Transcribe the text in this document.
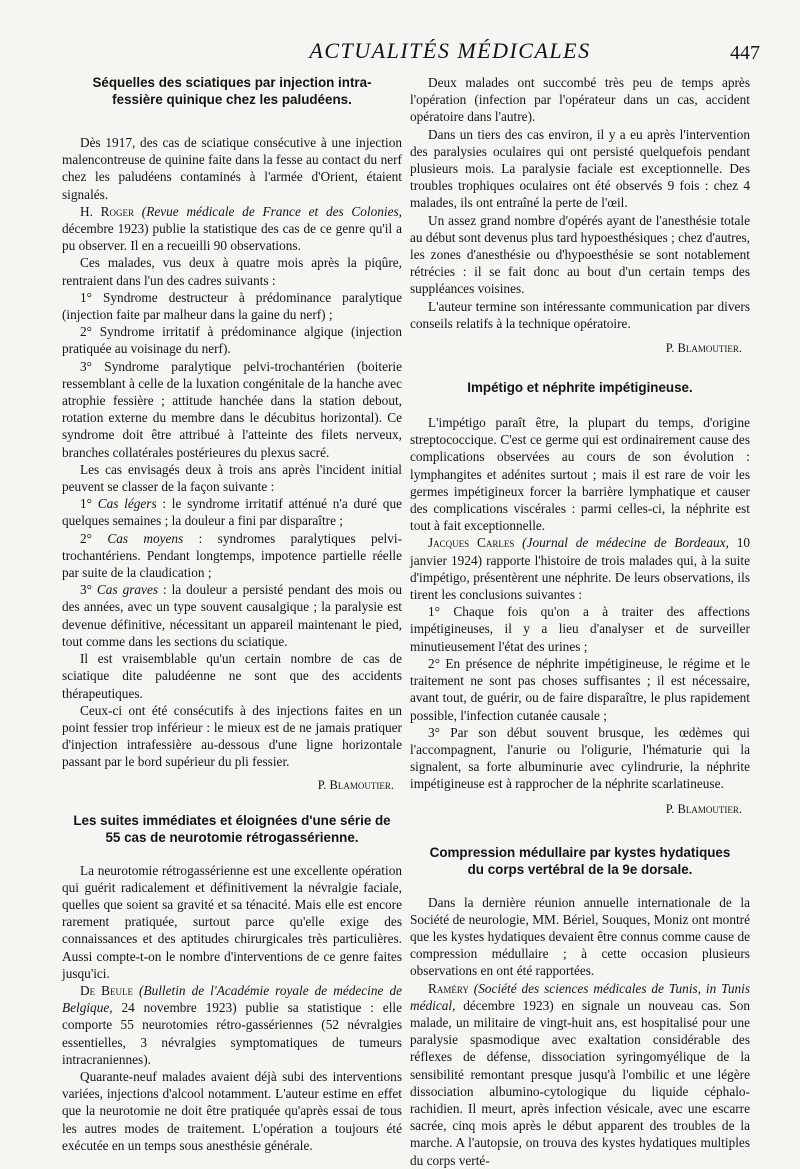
ACTUALITÉS MÉDICALES	447
Séquelles des sciatiques par injection intra-fessière quinique chez les paludéens.

Dès 1917, des cas de sciatique consécutive à une injection malencontreuse de quinine faite dans la fesse au contact du nerf chez les paludéens contaminés à l'armée d'Orient, étaient signalés.

H. Roger (Revue médicale de France et des Colonies, décembre 1923) publie la statistique des cas de ce genre qu'il a pu observer. Il en a recueilli 90 observations.

Ces malades, vus deux à quatre mois après la piqûre, rentraient dans l'un des cadres suivants :

1° Syndrome destructeur à prédominance paralytique (injection faite par malheur dans la gaine du nerf) ;

2° Syndrome irritatif à prédominance algique (injection pratiquée au voisinage du nerf).

3° Syndrome paralytique pelvi-trochantérien (boiterie ressemblant à celle de la luxation congénitale de la hanche avec atrophie fessière ; attitude hanchée dans la station debout, rotation externe du membre dans le décubitus horizontal). Ce syndrome doit être attribué à l'atteinte des filets nerveux, branches collatérales postérieures du plexus sacré.

Les cas envisagés deux à trois ans après l'incident initial peuvent se classer de la façon suivante :

1° Cas légers : le syndrome irritatif atténué n'a duré que quelques semaines ; la douleur a fini par disparaître ;

2° Cas moyens : syndromes paralytiques pelvi-trochantériens. Pendant longtemps, impotence partielle réelle par suite de la claudication ;

3° Cas graves : la douleur a persisté pendant des mois ou des années, avec un type souvent causalgique ; la paralysie est devenue définitive, nécessitant un appareil maintenant le pied, tout comme dans les sections du sciatique.

Il est vraisemblable qu'un certain nombre de cas de sciatique dite paludéenne ne sont que des accidents thérapeutiques.

Ceux-ci ont été consécutifs à des injections faites en un point fessier trop inférieur : le mieux est de ne jamais pratiquer d'injection intrafessière au-dessous d'une ligne horizontale passant par le bord supérieur du pli fessier.

P. Blamoutier.

Les suites immédiates et éloignées d'une série de 55 cas de neurotomie rétrogassérienne.

La neurotomie rétrogassérienne est une excellente opération qui guérit radicalement et définitivement la névralgie faciale, quelles que soient sa gravité et sa ténacité. Mais elle est encore rarement pratiquée, surtout parce qu'elle exige des connaissances et des aptitudes chirurgicales très particulières. Aussi compte-t-on le nombre d'interventions de ce genre faites jusqu'ici.

De Beule (Bulletin de l'Académie royale de médecine de Belgique, 24 novembre 1923) publie sa statistique : elle comporte 55 neurotomies rétro-gassériennes (52 névralgies essentielles, 3 névralgies symptomatiques de tumeurs intracraniennes).

Quarante-neuf malades avaient déjà subi des interventions variées, injections d'alcool notamment. L'auteur estime en effet que la neurotomie ne doit être pratiquée qu'après essai de tous les autres modes de traitement. L'opération a toujours été exécutée en un temps sous anesthésie générale.

Deux malades ont succombé très peu de temps après l'opération (infection par l'opérateur dans un cas, accident opératoire dans l'autre).

Dans un tiers des cas environ, il y a eu après l'intervention des paralysies oculaires qui ont persisté quelquefois pendant plusieurs mois. La paralysie faciale est exceptionnelle. Des troubles trophiques oculaires ont été observés 9 fois : chez 4 malades, ils ont entraîné la perte de l'œil.

Un assez grand nombre d'opérés ayant de l'anesthésie totale au début sont devenus plus tard hypoesthésiques ; chez d'autres, les zones d'anesthésie ou d'hypoesthésie se sont notablement rétrécies : il se fait donc au bout d'un certain temps des suppléances voisines.

L'auteur termine son intéressante communication par divers conseils relatifs à la technique opératoire.

P. Blamoutier.

Impétigo et néphrite impétigineuse.

L'impétigo paraît être, la plupart du temps, d'origine streptococcique. C'est ce germe qui est ordinairement cause des complications observées au cours de son évolution : lymphangites et adénites surtout ; mais il est rare de voir les germes impétigineux forcer la barrière lymphatique et causer des complications viscérales : parmi celles-ci, la néphrite est tout à fait exceptionnelle.

Jacques Carles (Journal de médecine de Bordeaux, 10 janvier 1924) rapporte l'histoire de trois malades qui, à la suite d'impétigo, présentèrent une néphrite. De leurs observations, ils tirent les conclusions suivantes :

1° Chaque fois qu'on a à traiter des affections impétigineuses, il y a lieu d'analyser et de surveiller minutieusement l'état des urines ;

2° En présence de néphrite impétigineuse, le régime et le traitement ne sont pas choses suffisantes ; il est nécessaire, avant tout, de guérir, ou de faire disparaître, le plus rapidement possible, l'infection cutanée causale ;

3° Par son début souvent brusque, les œdèmes qui l'accompagnent, l'anurie ou l'oligurie, l'hématurie qui la signalent, sa forte albuminurie avec cylindrurie, la néphrite impétigineuse est à rapprocher de la néphrite scarlatineuse.

P. Blamoutier.

Compression médullaire par kystes hydatiques du corps vertébral de la 9e dorsale.

Dans la dernière réunion annuelle internationale de la Société de neurologie, MM. Bériel, Souques, Moniz ont montré que les kystes hydatiques devaient être connus comme cause de compression médullaire ; à cette occasion plusieurs observations en ont été rapportées.

Raméry (Société des sciences médicales de Tunis, in Tunis médical, décembre 1923) en signale un nouveau cas. Son malade, un militaire de vingt-huit ans, est hospitalisé pour une paralysie spasmodique avec exaltation considérable des réflexes de défense, dissociation syringomyélique de la sensibilité remontant presque jusqu'à l'ombilic et une légère dissociation albumino-cytologique du liquide céphalo-rachidien. Il meurt, après infection vésicale, avec une escarre sacrée, cinq mois après le début apparent des troubles de la marche. A l'autopsie, on trouva des kystes hydatiques multiples du corps verté-
